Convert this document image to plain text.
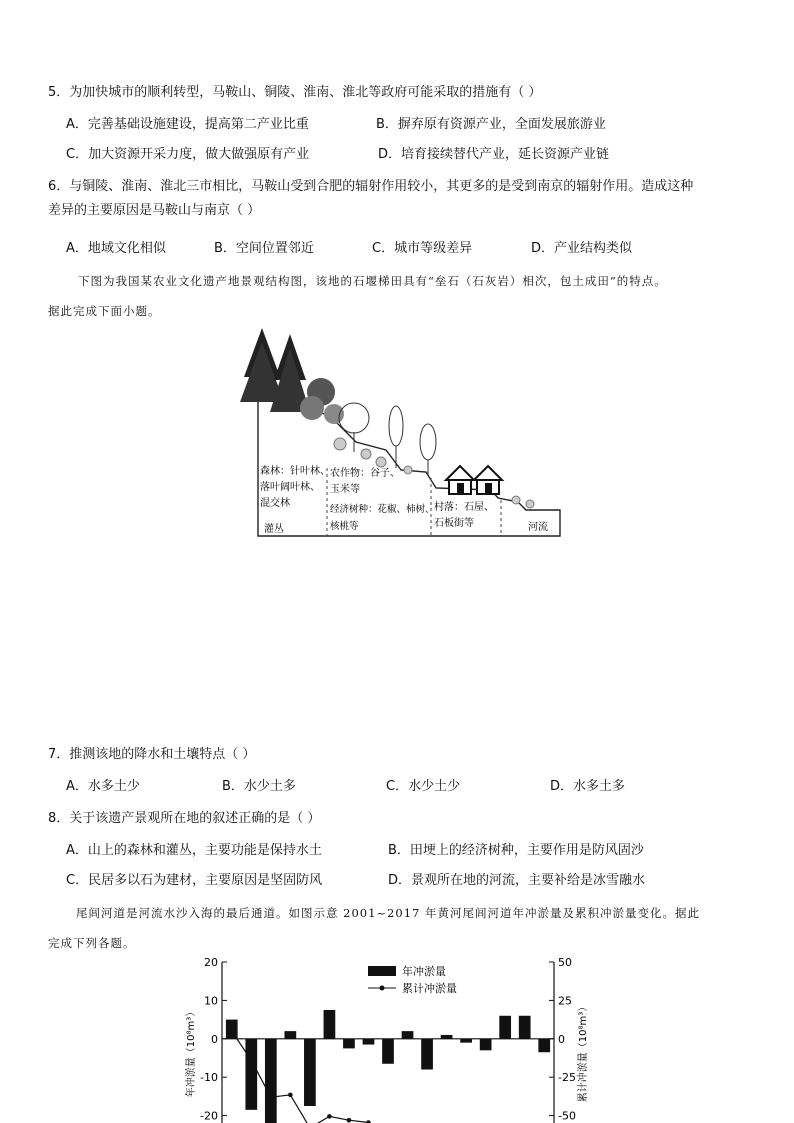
5．为加快城市的顺利转型，马鞍山、铜陵、淮南、淮北等政府可能采取的措施有（ ）
A．完善基础设施建设，提高第二产业比重	B．摒弃原有资源产业，全面发展旅游业
C．加大资源开采力度，做大做强原有产业	D．培育接续替代产业，延长资源产业链
6．与铜陵、淮南、淮北三市相比，马鞍山受到合肥的辐射作用较小，其更多的是受到南京的辐射作用。造成这种
差异的主要原因是马鞍山与南京（ ）
A．地域文化相似	B．空间位置邻近	C．城市等级差异	D．产业结构类似
下图为我国某农业文化遗产地景观结构图，该地的石堰梯田具有“垒石（石灰岩）相次，包土成田”的特点。
据此完成下面小题。
森林：针叶林、
落叶阔叶林、
混交林
灌丛
农作物：谷子、
玉米等
经济树种：花椒、柿树、
核桃等
村落：石屋、
石板街等	河流
7．推测该地的降水和土壤特点（ ）
A．水多土少	B．水少土多	C．水少土少	D．水多土多
8．关于该遗产景观所在地的叙述正确的是（ ）
A．山上的森林和灌丛，主要功能是保持水土	B．田埂上的经济树种，主要作用是防风固沙
C．民居多以石为建材，主要原因是坚固防风	D．景观所在地的河流，主要补给是冰雪融水
尾闾河道是河流水沙入海的最后通道。如图示意 2001~2017 年黄河尾闾河道年冲淤量及累积冲淤量变化。据此
完成下列各题。
20
10
0
-10
-20
50
25
0
-25
-50
年冲淤量（10⁸m³）	累计冲淤量（10⁸m³）
年冲淤量
累计冲淤量
